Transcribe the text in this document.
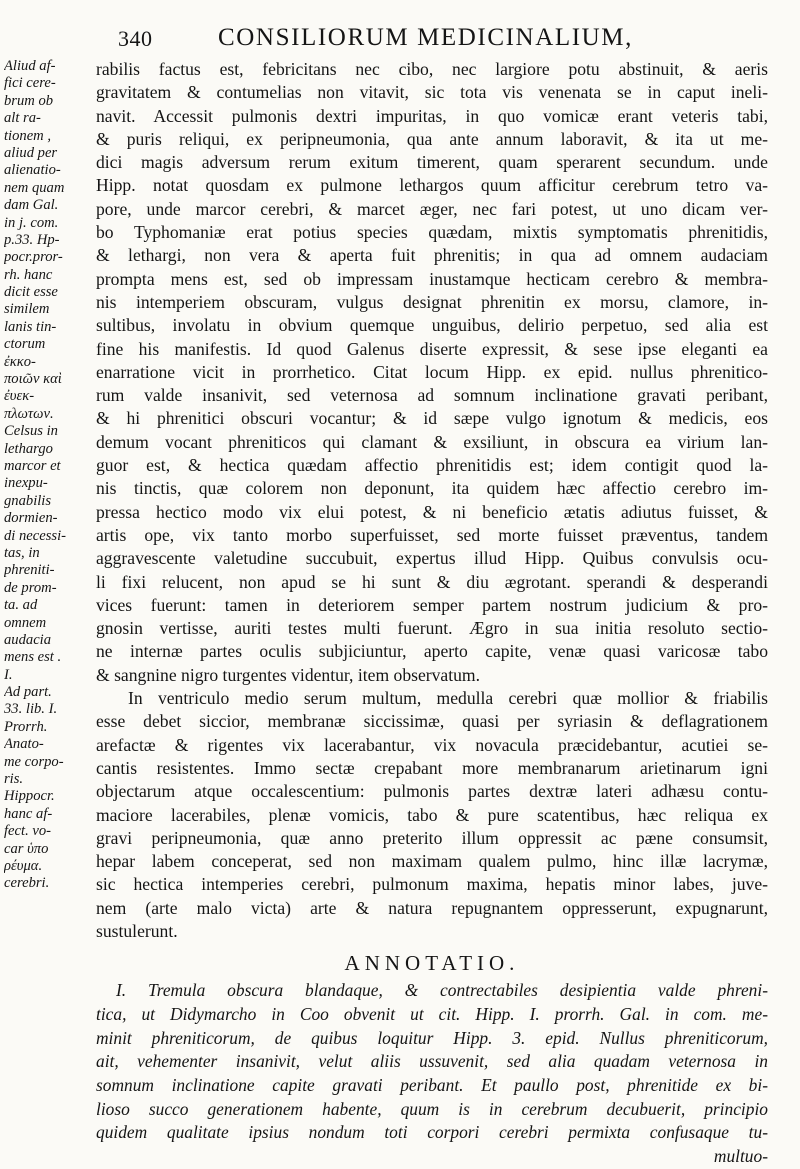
340	CONSILIORUM MEDICINALIUM,
Aliud af-
fici cere-
brum ob
alt ra-
tionem ,
aliud per
alienatio-
nem quam
dam Gal.
in j. com.
p.33. Hp-
pocr.pror-
rh. hanc
dicit esse
similem
lanis tin-
ctorum
ἐκκο-
ποιῶν καὶ
ἐυεκ-
πλωτων.
Celsus in
lethargo
marcor et
inexpu-
gnabilis
dormien-
di necessi-
tas, in
phreniti-
de prom-
ta. ad
omnem
audacia
mens est .
I.
Ad part.
33. lib. I.
Prorrh.
Anato-
me corpo-
ris.
Hippocr.
hanc af-
fect. vo-
car ὑπο
ρέυμα.
cerebri.
rabilis factus est, febricitans nec cibo, nec largiore potu abstinuit, & aeris
gravitatem & contumelias non vitavit, sic tota vis venenata se in caput ineli-
navit. Accessit pulmonis dextri impuritas, in quo vomicæ erant veteris tabi,
& puris reliqui, ex peripneumonia, qua ante annum laboravit, & ita ut me-
dici magis adversum rerum exitum timerent, quam sperarent secundum. unde
Hipp. notat quosdam ex pulmone lethargos quum afficitur cerebrum tetro va-
pore, unde marcor cerebri, & marcet æger, nec fari potest, ut uno dicam ver-
bo Typhomaniæ erat potius species quædam, mixtis symptomatis phrenitidis,
& lethargi, non vera & aperta fuit phrenitis; in qua ad omnem audaciam
prompta mens est, sed ob impressam inustamque hecticam cerebro & membra-
nis intemperiem obscuram, vulgus designat phrenitin ex morsu, clamore, in-
sultibus, involatu in obvium quemque unguibus, delirio perpetuo, sed alia est
fine his manifestis. Id quod Galenus diserte expressit, & sese ipse eleganti ea
enarratione vicit in prorrhetico. Citat locum Hipp. ex epid. nullus phrenitico-
rum valde insanivit, sed veternosa ad somnum inclinatione gravati peribant,
& hi phrenitici obscuri vocantur; & id sæpe vulgo ignotum & medicis, eos
demum vocant phreniticos qui clamant & exsiliunt, in obscura ea virium lan-
guor est, & hectica quædam affectio phrenitidis est; idem contigit quod la-
nis tinctis, quæ colorem non deponunt, ita quidem hæc affectio cerebro im-
pressa hectico modo vix elui potest, & ni beneficio ætatis adiutus fuisset, &
artis ope, vix tanto morbo superfuisset, sed morte fuisset præventus, tandem
aggravescente valetudine succubuit, expertus illud Hipp. Quibus convulsis ocu-
li fixi relucent, non apud se hi sunt & diu ægrotant. sperandi & desperandi
vices fuerunt: tamen in deteriorem semper partem nostrum judicium & pro-
gnosin vertisse, auriti testes multi fuerunt. Ægro in sua initia resoluto sectio-
ne internæ partes oculis subjiciuntur, aperto capite, venæ quasi varicosæ tabo
& sangnine nigro turgentes videntur, item observatum.
In ventriculo medio serum multum, medulla cerebri quæ mollior & friabilis
esse debet siccior, membranæ siccissimæ, quasi per syriasin & deflagrationem
arefactæ & rigentes vix lacerabantur, vix novacula præcidebantur, acutiei se-
cantis resistentes. Immo sectæ crepabant more membranarum arietinarum igni
objectarum atque occalescentium: pulmonis partes dextræ lateri adhæsu contu-
maciore lacerabiles, plenæ vomicis, tabo & pure scatentibus, hæc reliqua ex
gravi peripneumonia, quæ anno preterito illum oppressit ac pæne consumsit,
hepar labem conceperat, sed non maximam qualem pulmo, hinc illæ lacrymæ,
sic hectica intemperies cerebri, pulmonum maxima, hepatis minor labes, juve-
nem (arte malo victa) arte & natura repugnantem oppresserunt, expugnarunt,
sustulerunt.
ANNOTATIO.
I. Tremula obscura blandaque, & contrectabiles desipientia valde phreni-
tica, ut Didymarcho in Coo obvenit ut cit. Hipp. I. prorrh. Gal. in com. me-
minit phreniticorum, de quibus loquitur Hipp. 3. epid. Nullus phreniticorum,
ait, vehementer insanivit, velut aliis ussuvenit, sed alia quadam veternosa in
somnum inclinatione capite gravati peribant. Et paullo post, phrenitide ex bi-
lioso succo generationem habente, quum is in cerebrum decubuerit, principio
quidem qualitate ipsius nondum toti corpori cerebri permixta confusaque tu-
multuo-
